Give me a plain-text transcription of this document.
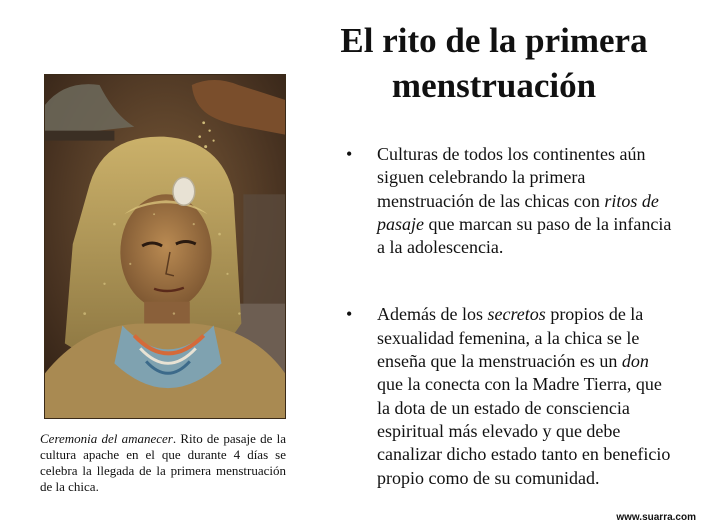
El rito de la primera
menstruación
Ceremonia del amanecer. Rito de pasaje de la cultura apache en el que durante 4 días se celebra la llegada de la primera menstruación de la chica.
• Culturas de todos los continentes aún siguen celebrando la primera menstruación de las chicas con ritos de pasaje que marcan su paso de la infancia a la adolescencia.
• Además de los secretos propios de la sexualidad femenina, a la chica se le enseña que la menstruación es un don que la conecta con la Madre Tierra, que la dota de un estado de consciencia espiritual más elevado y que debe canalizar dicho estado tanto en beneficio propio como de su comunidad.
www.suarra.com
